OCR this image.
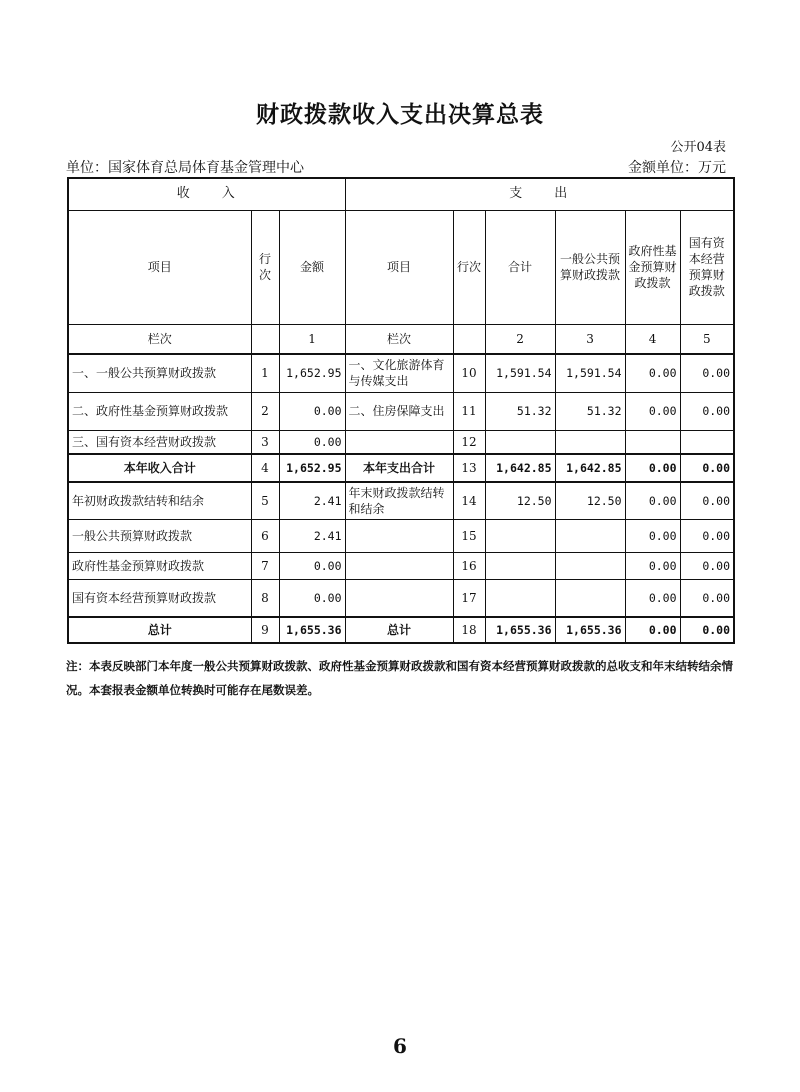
财政拨款收入支出决算总表
公开04表
单位：国家体育总局体育基金管理中心	金额单位：万元
收　　入			支　　出					
项目	行次	金额	项目	行次	合计	一般公共预算财政拨款	政府性基金预算财政拨款	国有资本经营预算财政拨款
栏次		1	栏次		2	3	4	5
一、一般公共预算财政拨款	1	1,652.95	一、文化旅游体育与传媒支出	10	1,591.54	1,591.54	0.00	0.00
二、政府性基金预算财政拨款	2	0.00	二、住房保障支出	11	51.32	51.32	0.00	0.00
三、国有资本经营财政拨款	3	0.00		12				
本年收入合计	4	1,652.95	本年支出合计	13	1,642.85	1,642.85	0.00	0.00
年初财政拨款结转和结余	5	2.41	年末财政拨款结转和结余	14	12.50	12.50	0.00	0.00
一般公共预算财政拨款	6	2.41		15			0.00	0.00
政府性基金预算财政拨款	7	0.00		16			0.00	0.00
国有资本经营预算财政拨款	8	0.00		17			0.00	0.00
总计	9	1,655.36	总计	18	1,655.36	1,655.36	0.00	0.00
注：本表反映部门本年度一般公共预算财政拨款、政府性基金预算财政拨款和国有资本经营预算财政拨款的总收支和年末结转结余情况。本套报表金额单位转换时可能存在尾数误差。
6
